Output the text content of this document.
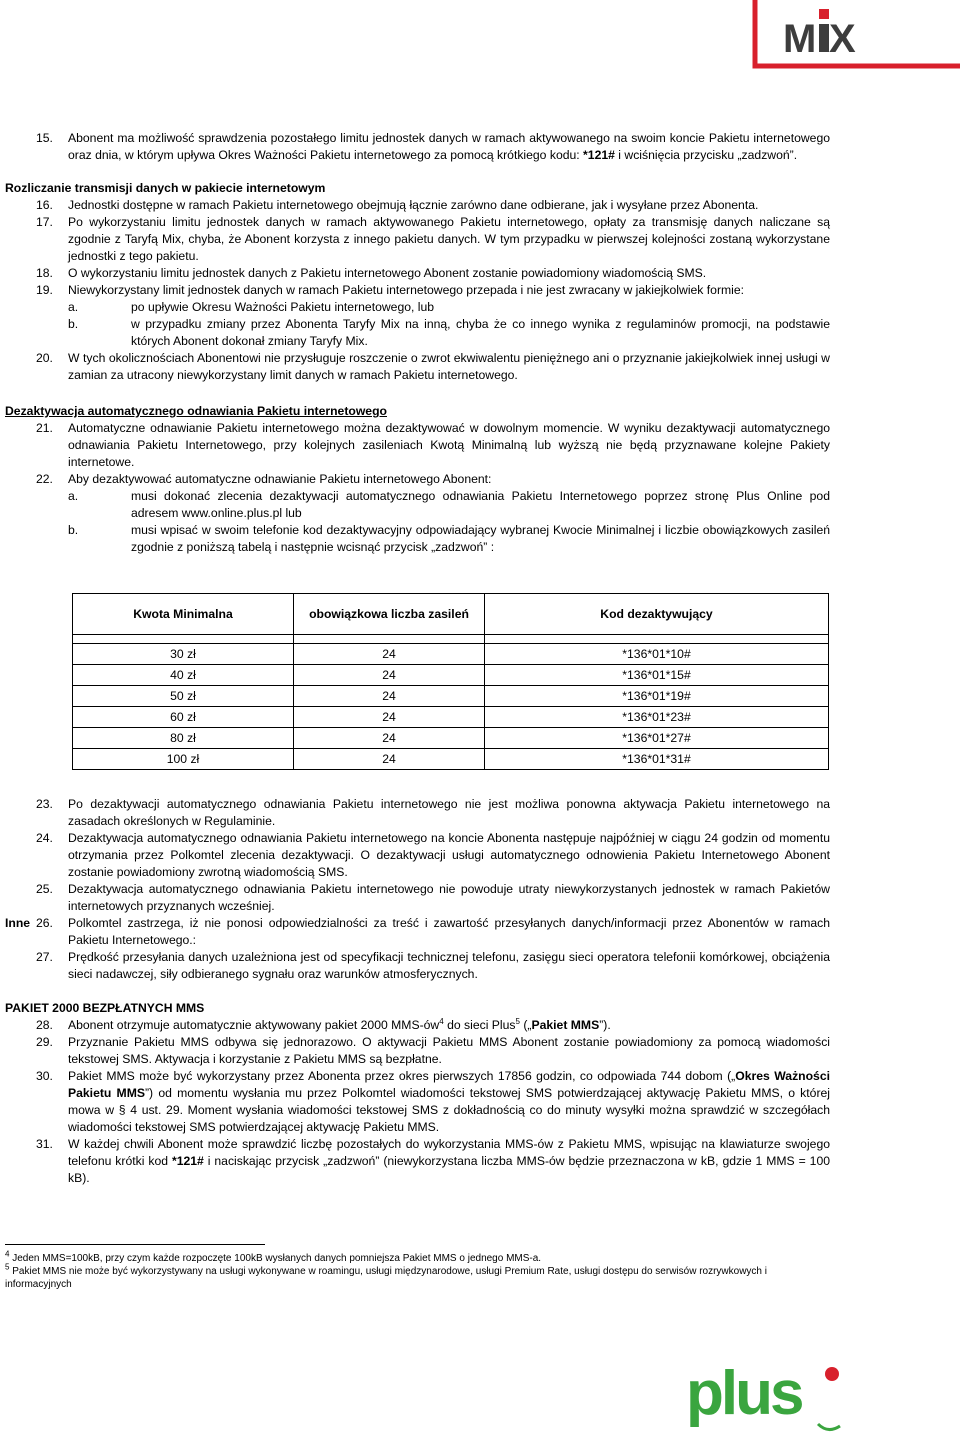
M X
15. Abonent ma możliwość sprawdzenia pozostałego limitu jednostek danych w ramach aktywowanego na swoim koncie Pakietu internetowego oraz dnia, w którym upływa Okres Ważności Pakietu internetowego za pomocą krótkiego kodu: *121# i wciśnięcia przycisku „zadzwoń”.
Rozliczanie transmisji danych w pakiecie internetowym
16. Jednostki dostępne w ramach Pakietu internetowego obejmują łącznie zarówno dane odbierane, jak i wysyłane przez Abonenta.
17. Po wykorzystaniu limitu jednostek danych w ramach aktywowanego Pakietu internetowego, opłaty za transmisję danych naliczane są zgodnie z Taryfą Mix, chyba, że Abonent korzysta z innego pakietu danych. W tym przypadku w pierwszej kolejności zostaną wykorzystane jednostki z tego pakietu.
18. O wykorzystaniu limitu jednostek danych z Pakietu internetowego Abonent zostanie powiadomiony wiadomością SMS.
19. Niewykorzystany limit jednostek danych w ramach Pakietu internetowego przepada i nie jest zwracany w jakiejkolwiek formie:
a.	po upływie Okresu Ważności Pakietu internetowego, lub
b.	w przypadku zmiany przez Abonenta Taryfy Mix na inną, chyba że co innego wynika z regulaminów promocji, na podstawie których Abonent dokonał zmiany Taryfy Mix.
20. W tych okolicznościach Abonentowi nie przysługuje roszczenie o zwrot ekwiwalentu pieniężnego ani o przyznanie jakiejkolwiek innej usługi w zamian za utracony niewykorzystany limit danych w ramach Pakietu internetowego.
Dezaktywacja automatycznego odnawiania Pakietu internetowego
21. Automatyczne odnawianie Pakietu internetowego można dezaktywować w dowolnym momencie. W wyniku dezaktywacji automatycznego odnawiania Pakietu Internetowego, przy kolejnych zasileniach Kwotą Minimalną lub wyższą nie będą przyznawane kolejne Pakiety internetowe.
22. Aby dezaktywować automatyczne odnawianie Pakietu internetowego Abonent:
a.	musi dokonać zlecenia dezaktywacji automatycznego odnawiania Pakietu Internetowego poprzez stronę Plus Online pod adresem www.online.plus.pl lub
b.	musi wpisać w swoim telefonie kod dezaktywacyjny odpowiadający wybranej Kwocie Minimalnej i liczbie obowiązkowych zasileń zgodnie z poniższą tabelą i następnie wcisnąć przycisk „zadzwoń” :
Kwota Minimalna	obowiązkowa liczba zasileń	Kod dezaktywujący

30 zł	24	*136*01*10#
40 zł	24	*136*01*15#
50 zł	24	*136*01*19#
60 zł	24	*136*01*23#
80 zł	24	*136*01*27#
100 zł	24	*136*01*31#
23. Po dezaktywacji automatycznego odnawiania Pakietu internetowego nie jest możliwa ponowna aktywacja Pakietu internetowego na zasadach określonych w Regulaminie.
24. Dezaktywacja automatycznego odnawiania Pakietu internetowego na koncie Abonenta następuje najpóźniej w ciągu 24 godzin od momentu otrzymania przez Polkomtel zlecenia dezaktywacji. O dezaktywacji usługi automatycznego odnowienia Pakietu Internetowego Abonent zostanie powiadomiony zwrotną wiadomością SMS.
25. Dezaktywacja automatycznego odnawiania Pakietu internetowego nie powoduje utraty niewykorzystanych jednostek w ramach Pakietów internetowych przyznanych wcześniej.
26. Polkomtel zastrzega, iż nie ponosi odpowiedzialności za treść i zawartość przesyłanych danych/informacji przez Abonentów w ramach Pakietu Internetowego.:
27. Prędkość przesyłania danych uzależniona jest od specyfikacji technicznej telefonu, zasięgu sieci operatora telefonii komórkowej, obciążenia sieci nadawczej, siły odbieranego sygnału oraz warunków atmosferycznych.
PAKIET 2000 BEZPŁATNYCH MMS
28. Abonent otrzymuje automatycznie aktywowany pakiet 2000 MMS-$ów^4$ do sieci Plus$^5$ („Pakiet MMS”).
29. Przyznanie Pakietu MMS odbywa się jednorazowo. O aktywacji Pakietu MMS Abonent zostanie powiadomiony za pomocą wiadomości tekstowej SMS. Aktywacja i korzystanie z Pakietu MMS są bezpłatne.
30. Pakiet MMS może być wykorzystany przez Abonenta przez okres pierwszych 17856 godzin, co odpowiada 744 dobom („Okres Ważności Pakietu MMS”) od momentu wysłania mu przez Polkomtel wiadomości tekstowej SMS potwierdzającej aktywację Pakietu MMS, o której mowa w § 4 ust. 29. Moment wysłania wiadomości tekstowej SMS z dokładnością co do minuty wysyłki można sprawdzić w szczegółach wiadomości tekstowej SMS potwierdzającej aktywację Pakietu MMS.
31. W każdej chwili Abonent może sprawdzić liczbę pozostałych do wykorzystania MMS-ów z Pakietu MMS, wpisując na klawiaturze swojego telefonu krótki kod *121# i naciskając przycisk „zadzwoń” (niewykorzystana liczba MMS-ów będzie przeznaczona w kB, gdzie 1 MMS = 100 kB).
Inne
$^4$ Jeden MMS=100kB, przy czym każde rozpoczęte 100kB wysłanych danych pomniejsza Pakiet MMS o jednego MMS-a.
$^5$ Pakiet MMS nie może być wykorzystywany na usługi wykonywane w roamingu, usługi międzynarodowe, usługi Premium Rate, usługi dostępu do serwisów rozrywkowych i informacyjnych
plus
